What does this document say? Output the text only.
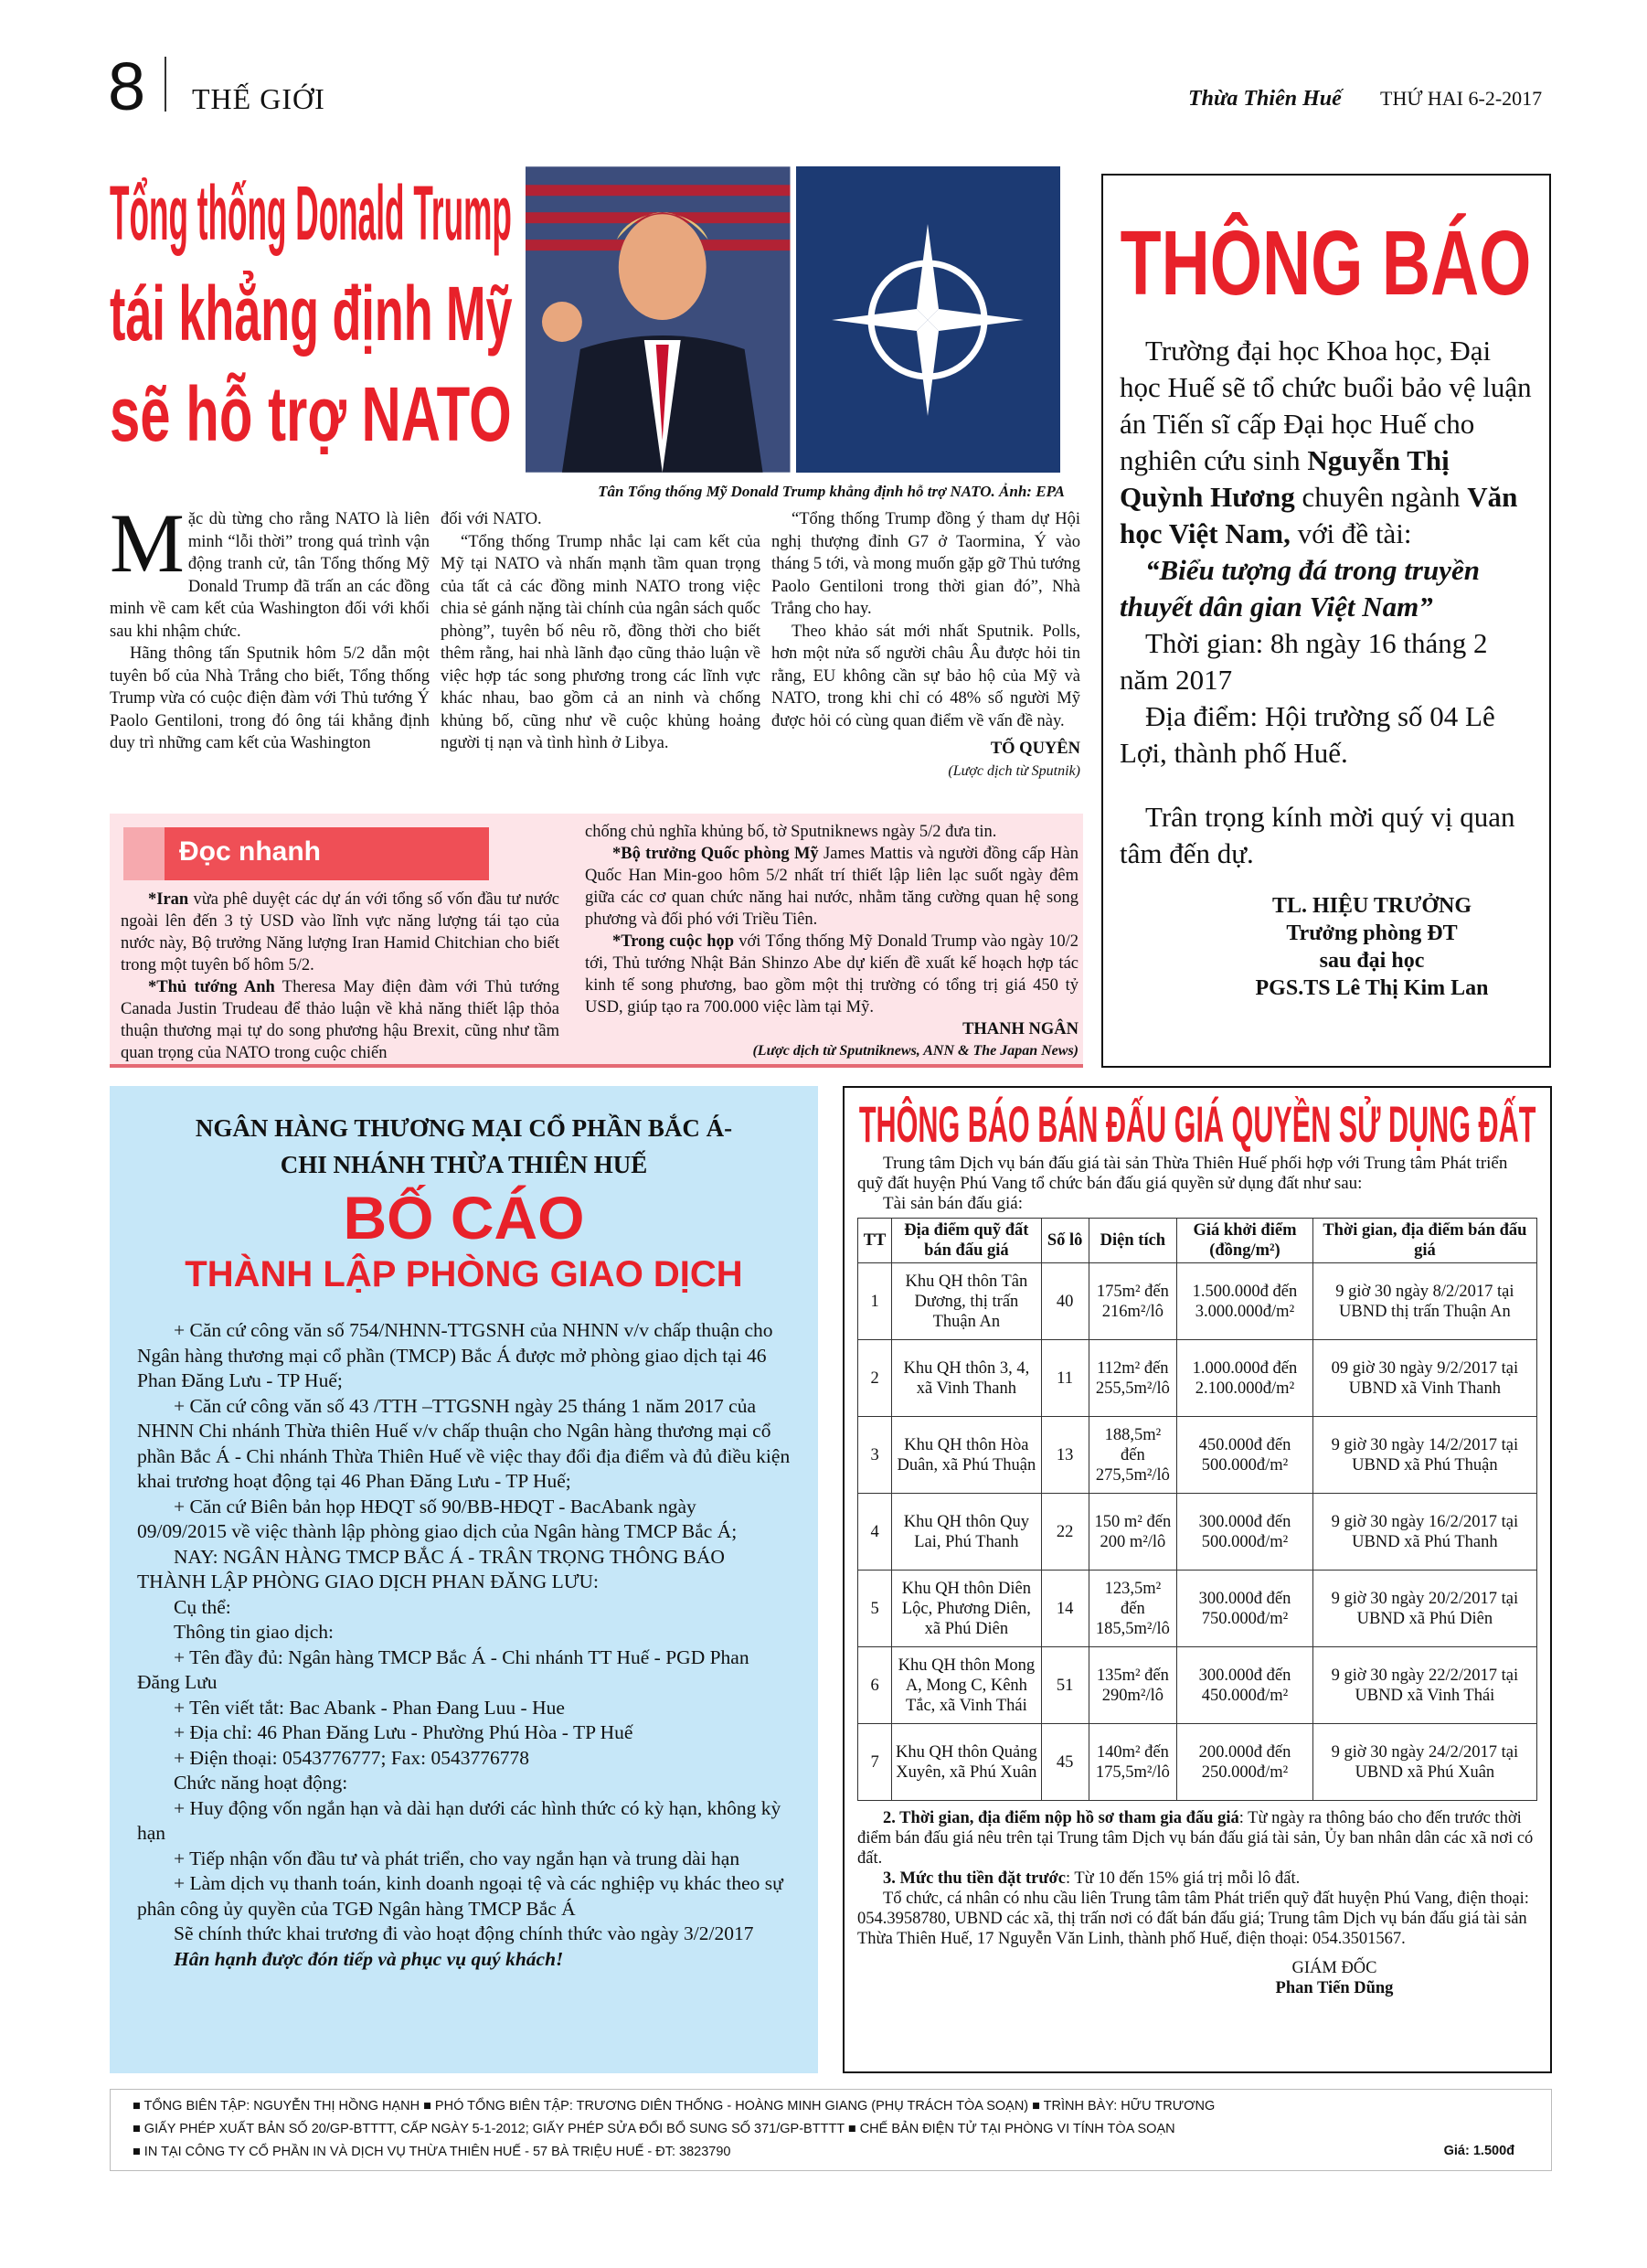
8 THẾ GIỚI	Thừa Thiên Huế THỨ HAI 6-2-2017
Tổng thống Donald Trump
tái khẳng định Mỹ
sẽ hỗ trợ NATO
Tân Tổng thống Mỹ Donald Trump khẳng định hỗ trợ NATO. Ảnh: EPA
M ặc dù từng cho rằng NATO là liên minh “lỗi thời” trong quá trình vận động tranh cử, tân Tổng thống Mỹ Donald Trump đã trấn an các đồng minh về cam kết của Washington đối với khối sau khi nhậm chức.

Hãng thông tấn Sputnik hôm 5/2 dẫn một tuyên bố của Nhà Trắng cho biết, Tổng thống Trump vừa có cuộc điện đàm với Thủ tướng Ý Paolo Gentiloni, trong đó ông tái khẳng định duy trì những cam kết của Washington

đối với NATO.

“Tổng thống Trump nhắc lại cam kết của Mỹ tại NATO và nhấn mạnh tầm quan trọng của tất cả các đồng minh NATO trong việc chia sẻ gánh nặng tài chính của ngân sách quốc phòng”, tuyên bố nêu rõ, đồng thời cho biết thêm rằng, hai nhà lãnh đạo cũng thảo luận về việc hợp tác song phương trong các lĩnh vực khác nhau, bao gồm cả an ninh và chống khủng bố, cũng như về cuộc khủng hoảng người tị nạn và tình hình ở Libya.

“Tổng thống Trump đồng ý tham dự Hội nghị thượng đỉnh G7 ở Taormina, Ý vào tháng 5 tới, và mong muốn gặp gỡ Thủ tướng Paolo Gentiloni trong thời gian đó”, Nhà Trắng cho hay.

Theo khảo sát mới nhất Sputnik. Polls, hơn một nửa số người châu Âu được hỏi tin rằng, EU không cần sự bảo hộ của Mỹ và NATO, trong khi chỉ có 48% số người Mỹ được hỏi có cùng quan điểm về vấn đề này.

TỐ QUYÊN
(Lược dịch từ Sputnik)
Đọc nhanh

*Iran vừa phê duyệt các dự án với tổng số vốn đầu tư nước ngoài lên đến 3 tỷ USD vào lĩnh vực năng lượng tái tạo của nước này, Bộ trưởng Năng lượng Iran Hamid Chitchian cho biết trong một tuyên bố hôm 5/2.

*Thủ tướng Anh Theresa May điện đàm với Thủ tướng Canada Justin Trudeau để thảo luận về khả năng thiết lập thỏa thuận thương mại tự do song phương hậu Brexit, cũng như tầm quan trọng của NATO trong cuộc chiến

chống chủ nghĩa khủng bố, tờ Sputniknews ngày 5/2 đưa tin.

*Bộ trưởng Quốc phòng Mỹ James Mattis và người đồng cấp Hàn Quốc Han Min-goo hôm 5/2 nhất trí thiết lập liên lạc suốt ngày đêm giữa các cơ quan chức năng hai nước, nhằm tăng cường quan hệ song phương và đối phó với Triều Tiên.

*Trong cuộc họp với Tổng thống Mỹ Donald Trump vào ngày 10/2 tới, Thủ tướng Nhật Bản Shinzo Abe dự kiến đề xuất kế hoạch hợp tác kinh tế song phương, bao gồm một thị trường có tổng trị giá 450 tỷ USD, giúp tạo ra 700.000 việc làm tại Mỹ.

THANH NGÂN
(Lược dịch từ Sputniknews, ANN & The Japan News)
THÔNG BÁO

Trường đại học Khoa học, Đại học Huế sẽ tổ chức buổi bảo vệ luận án Tiến sĩ cấp Đại học Huế cho nghiên cứu sinh Nguyễn Thị Quỳnh Hương chuyên ngành Văn học Việt Nam, với đề tài:

“Biểu tượng đá trong truyền thuyết dân gian Việt Nam”

Thời gian: 8h ngày 16 tháng 2 năm 2017

Địa điểm: Hội trường số 04 Lê Lợi, thành phố Huế.

Trân trọng kính mời quý vị quan tâm đến dự.

TL. HIỆU TRƯỞNG
Trưởng phòng ĐT
sau đại học
PGS.TS Lê Thị Kim Lan
NGÂN HÀNG THƯƠNG MẠI CỔ PHẦN BẮC Á-
CHI NHÁNH THỪA THIÊN HUẾ
BỐ CÁO
THÀNH LẬP PHÒNG GIAO DỊCH

+ Căn cứ công văn số 754/NHNN-TTGSNH của NHNN v/v chấp thuận cho Ngân hàng thương mại cổ phần (TMCP) Bắc Á được mở phòng giao dịch tại 46 Phan Đăng Lưu - TP Huế;

+ Căn cứ công văn số 43 /TTH –TTGSNH ngày 25 tháng 1 năm 2017 của NHNN Chi nhánh Thừa thiên Huế v/v chấp thuận cho Ngân hàng thương mại cổ phần Bắc Á - Chi nhánh Thừa Thiên Huế về việc thay đổi địa điểm và đủ điều kiện khai trương hoạt động tại 46 Phan Đăng Lưu - TP Huế;

+ Căn cứ Biên bản họp HĐQT số 90/BB-HĐQT - BacAbank ngày 09/09/2015 về việc thành lập phòng giao dịch của Ngân hàng TMCP Bắc Á;

NAY: NGÂN HÀNG TMCP BẮC Á - TRÂN TRỌNG THÔNG BÁO THÀNH LẬP PHÒNG GIAO DỊCH PHAN ĐĂNG LƯU:

Cụ thể:

Thông tin giao dịch:

+ Tên đầy đủ: Ngân hàng TMCP Bắc Á - Chi nhánh TT Huế - PGD Phan Đăng Lưu

+ Tên viết tắt: Bac Abank - Phan Đang Luu - Hue

+ Địa chỉ: 46 Phan Đăng Lưu - Phường Phú Hòa - TP Huế

+ Điện thoại: 0543776777; Fax: 0543776778

Chức năng hoạt động:

+ Huy động vốn ngắn hạn và dài hạn dưới các hình thức có kỳ hạn, không kỳ hạn

+ Tiếp nhận vốn đầu tư và phát triển, cho vay ngắn hạn và trung dài hạn

+ Làm dịch vụ thanh toán, kinh doanh ngoại tệ và các nghiệp vụ khác theo sự phân công ủy quyền của TGĐ Ngân hàng TMCP Bắc Á

Sẽ chính thức khai trương đi vào hoạt động chính thức vào ngày 3/2/2017

Hân hạnh được đón tiếp và phục vụ quý khách!

THÔNG BÁO BÁN ĐẤU GIÁ QUYỀN SỬ DỤNG ĐẤT
Trung tâm Dịch vụ bán đấu giá tài sản Thừa Thiên Huế phối hợp với Trung tâm Phát triển quỹ đất huyện Phú Vang tổ chức bán đấu giá quyền sử dụng đất như sau:
Tài sản bán đấu giá:
TT	Địa điểm quỹ đất bán đấu giá	Số lô	Diện tích	Giá khởi điểm (đồng/m²)	Thời gian, địa điểm bán đấu giá
1	Khu QH thôn Tân Dương, thị trấn Thuận An	40	175m² đến 216m²/lô	1.500.000đ đến 3.000.000đ/m²	9 giờ 30 ngày 8/2/2017 tại UBND thị trấn Thuận An
2	Khu QH thôn 3, 4, xã Vinh Thanh	11	112m² đến 255,5m²/lô	1.000.000đ đến 2.100.000đ/m²	09 giờ 30 ngày 9/2/2017 tại UBND xã Vinh Thanh
3	Khu QH thôn Hòa Duân, xã Phú Thuận	13	188,5m² đến 275,5m²/lô	450.000đ đến 500.000đ/m²	9 giờ 30 ngày 14/2/2017 tại UBND xã Phú Thuận
4	Khu QH thôn Quy Lai, Phú Thanh	22	150 m² đến 200 m²/lô	300.000đ đến 500.000đ/m²	9 giờ 30 ngày 16/2/2017 tại UBND xã Phú Thanh
5	Khu QH thôn Diên Lộc, Phương Diên, xã Phú Diên	14	123,5m² đến 185,5m²/lô	300.000đ đến 750.000đ/m²	9 giờ 30 ngày 20/2/2017 tại UBND xã Phú Diên
6	Khu QH thôn Mong A, Mong C, Kênh Tắc, xã Vinh Thái	51	135m² đến 290m²/lô	300.000đ đến 450.000đ/m²	9 giờ 30 ngày 22/2/2017 tại UBND xã Vinh Thái
7	Khu QH thôn Quảng Xuyên, xã Phú Xuân	45	140m² đến 175,5m²/lô	200.000đ đến 250.000đ/m²	9 giờ 30 ngày 24/2/2017 tại UBND xã Phú Xuân

2. Thời gian, địa điểm nộp hồ sơ tham gia đấu giá: Từ ngày ra thông báo cho đến trước thời điểm bán đấu giá nêu trên tại Trung tâm Dịch vụ bán đấu giá tài sản, Ủy ban nhân dân các xã nơi có đất.

3. Mức thu tiền đặt trước: Từ 10 đến 15% giá trị mỗi lô đất.

Tổ chức, cá nhân có nhu cầu liên Trung tâm tâm Phát triển quỹ đất huyện Phú Vang, điện thoại: 054.3958780, UBND các xã, thị trấn nơi có đất bán đấu giá; Trung tâm Dịch vụ bán đấu giá tài sản Thừa Thiên Huế, 17 Nguyễn Văn Linh, thành phố Huế, điện thoại: 054.3501567.

GIÁM ĐỐC
Phan Tiến Dũng
■ TỔNG BIÊN TẬP: NGUYỄN THỊ HỒNG HẠNH ■ PHÓ TỔNG BIÊN TẬP: TRƯƠNG DIÊN THỐNG - HOÀNG MINH GIANG (PHỤ TRÁCH TÒA SOẠN) ■ TRÌNH BÀY: HỮU TRƯƠNG
■ GIẤY PHÉP XUẤT BẢN SỐ 20/GP-BTTTT, CẤP NGÀY 5-1-2012; GIẤY PHÉP SỬA ĐỔI BỔ SUNG SỐ 371/GP-BTTTT ■ CHẾ BẢN ĐIỆN TỬ TẠI PHÒNG VI TÍNH TÒA SOẠN
■ IN TẠI CÔNG TY CỔ PHẦN IN VÀ DỊCH VỤ THỪA THIÊN HUẾ - 57 BÀ TRIỆU HUẾ - ĐT: 3823790	Giá: 1.500đ
